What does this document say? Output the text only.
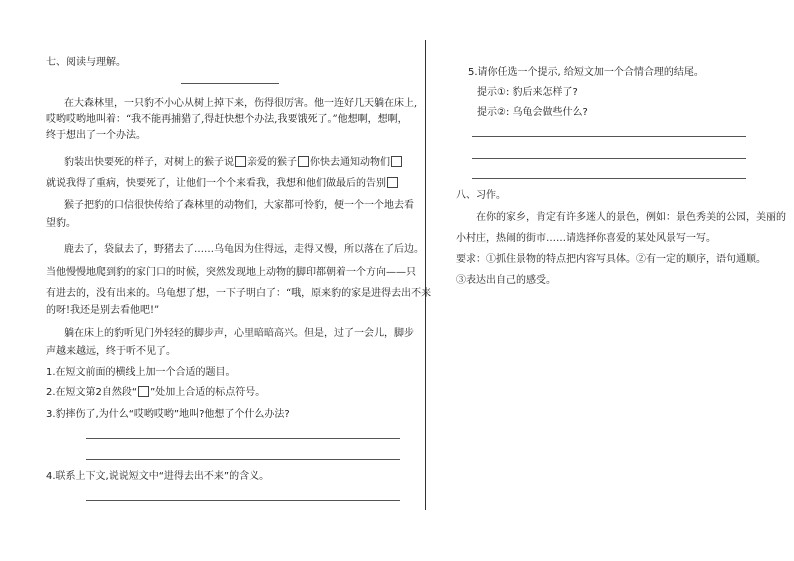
七、阅读与理解。
在大森林里，一只豹不小心从树上掉下来，伤得很厉害。他一连好几天躺在床上,
哎哟哎哟地叫着：“我不能再捕猎了,得赶快想个办法,我要饿死了。”他想啊，想啊，
终于想出了一个办法。
豹装出快要死的样子，对树上的猴子说 亲爱的猴子 你快去通知动物们
就说我得了重病，快要死了，让他们一个个来看我，我想和他们做最后的告别
猴子把豹的口信很快传给了森林里的动物们，大家都可怜豹，便一个一个地去看
望豹。
鹿去了，袋鼠去了，野猪去了……乌龟因为住得远，走得又慢，所以落在了后边。
当他慢慢地爬到豹的家门口的时候，突然发现地上动物的脚印都朝着一个方向——只
有进去的，没有出来的。乌龟想了想，一下子明白了：“哦，原来豹的家是进得去出不来
的呀!我还是别去看他吧!”
躺在床上的豹听见门外轻轻的脚步声，心里暗暗高兴。但是，过了一会儿，脚步
声越来越远，终于听不见了。
1.在短文前面的横线上加一个合适的题目。
2.在短文第2自然段“ ”处加上合适的标点符号。
3.豹摔伤了,为什么“哎哟哎哟”地叫?他想了个什么办法?
4.联系上下文,说说短文中“进得去出不来”的含义。
5.请你任选一个提示, 给短文加一个合情合理的结尾。
提示①: 豹后来怎样了?
提示②: 乌龟会做些什么?
八、习作。
在你的家乡，肯定有许多迷人的景色，例如：景色秀美的公园，美丽的
小村庄，热闹的街市……请选择你喜爱的某处风景写一写。
要求：①抓住景物的特点把内容写具体。②有一定的顺序，语句通顺。
③表达出自己的感受。
